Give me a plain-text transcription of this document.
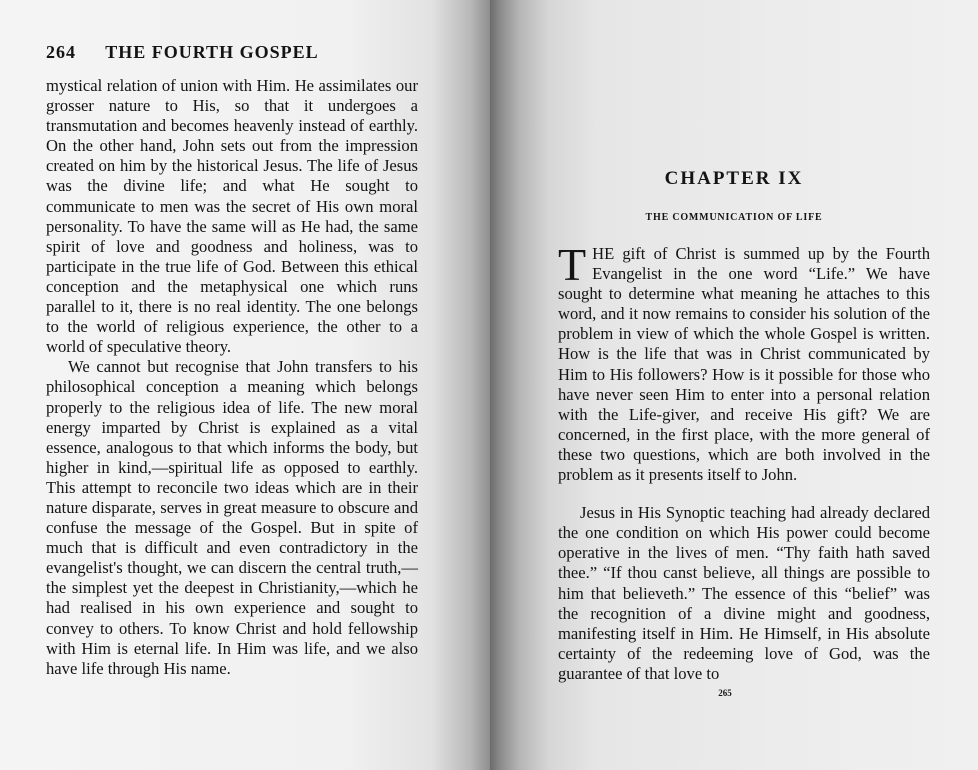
264 THE FOURTH GOSPEL

mystical relation of union with Him. He assimilates our grosser nature to His, so that it undergoes a transmutation and becomes heavenly instead of earthly. On the other hand, John sets out from the impression created on him by the historical Jesus. The life of Jesus was the divine life; and what He sought to communicate to men was the secret of His own moral personality. To have the same will as He had, the same spirit of love and goodness and holiness, was to participate in the true life of God. Between this ethical conception and the metaphysical one which runs parallel to it, there is no real identity. The one belongs to the world of religious experience, the other to a world of speculative theory.

We cannot but recognise that John transfers to his philosophical conception a meaning which belongs properly to the religious idea of life. The new moral energy imparted by Christ is explained as a vital essence, analogous to that which informs the body, but higher in kind,—spiritual life as opposed to earthly. This attempt to reconcile two ideas which are in their nature disparate, serves in great measure to obscure and confuse the message of the Gospel. But in spite of much that is difficult and even contradictory in the evangelist's thought, we can discern the central truth,—the simplest yet the deepest in Christianity,—which he had realised in his own experience and sought to convey to others. To know Christ and hold fellowship with Him is eternal life. In Him was life, and we also have life through His name.

CHAPTER IX
THE COMMUNICATION OF LIFE

THE gift of Christ is summed up by the Fourth Evangelist in the one word “Life.” We have sought to determine what meaning he attaches to this word, and it now remains to consider his solution of the problem in view of which the whole Gospel is written. How is the life that was in Christ communicated by Him to His followers? How is it possible for those who have never seen Him to enter into a personal relation with the Life-giver, and receive His gift? We are concerned, in the first place, with the more general of these two questions, which are both involved in the problem as it presents itself to John.

Jesus in His Synoptic teaching had already declared the one condition on which His power could become operative in the lives of men. “Thy faith hath saved thee.” “If thou canst believe, all things are possible to him that believeth.” The essence of this “belief” was the recognition of a divine might and goodness, manifesting itself in Him. He Himself, in His absolute certainty of the redeeming love of God, was the guarantee of that love to

265
